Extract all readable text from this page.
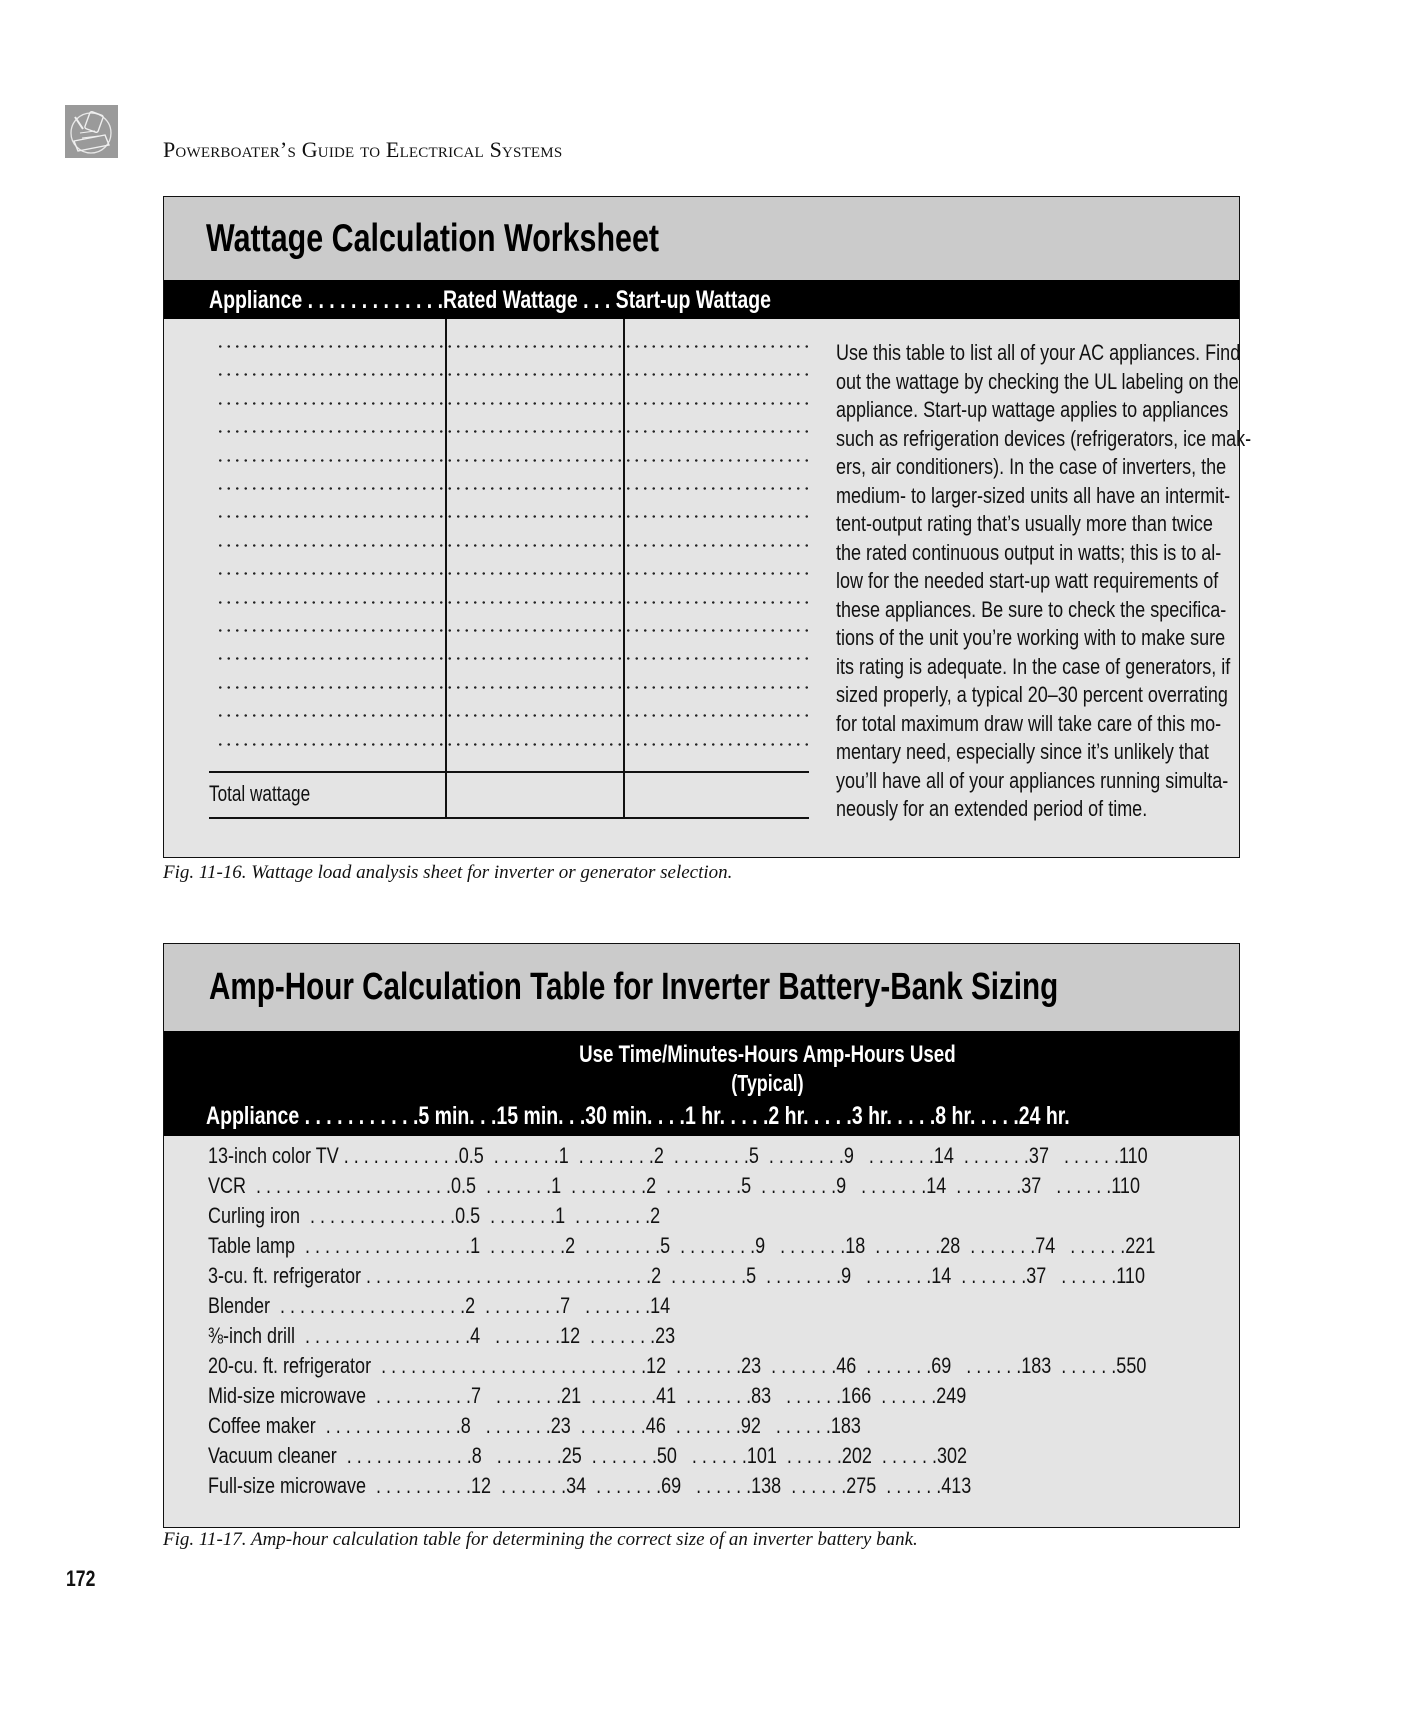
Powerboater’s Guide to Electrical Systems
Wattage Calculation Worksheet
Appliance . . . . . . . . . . . . .Rated Wattage . . . Start-up Wattage
Total wattage
Use this table to list all of your AC appliances. Find
out the wattage by checking the UL labeling on the
appliance. Start-up wattage applies to appliances
such as refrigeration devices (refrigerators, ice mak-
ers, air conditioners). In the case of inverters, the
medium- to larger-sized units all have an intermit-
tent-output rating that’s usually more than twice
the rated continuous output in watts; this is to al-
low for the needed start-up watt requirements of
these appliances. Be sure to check the specifica-
tions of the unit you’re working with to make sure
its rating is adequate. In the case of generators, if
sized properly, a typical 20–30 percent overrating
for total maximum draw will take care of this mo-
mentary need, especially since it’s unlikely that
you’ll have all of your appliances running simulta-
neously for an extended period of time.
Fig. 11-16. Wattage load analysis sheet for inverter or generator selection.
Amp-Hour Calculation Table for Inverter Battery-Bank Sizing
Use Time/Minutes-Hours Amp-Hours Used
(Typical)
Appliance . . . . . . . . . . .5 min. . .15 min. . .30 min. . . .1 hr. . . . .2 hr. . . . .3 hr. . . . .8 hr. . . . .24 hr.
13-inch color TV . . . . . . . . . . . .0.5  . . . . . . .1  . . . . . . . .2  . . . . . . . .5  . . . . . . . .9   . . . . . . .14  . . . . . . .37   . . . . . .110
VCR  . . . . . . . . . . . . . . . . . . . .0.5  . . . . . . .1  . . . . . . . .2  . . . . . . . .5  . . . . . . . .9   . . . . . . .14  . . . . . . .37   . . . . . .110
Curling iron  . . . . . . . . . . . . . . .0.5  . . . . . . .1  . . . . . . . .2
Table lamp  . . . . . . . . . . . . . . . . .1  . . . . . . . .2  . . . . . . . .5  . . . . . . . .9   . . . . . . .18  . . . . . . .28  . . . . . . .74   . . . . . .221
3-cu. ft. refrigerator . . . . . . . . . . . . . . . . . . . . . . . . . . . . .2  . . . . . . . .5  . . . . . . . .9   . . . . . . .14  . . . . . . .37   . . . . . .110
Blender  . . . . . . . . . . . . . . . . . . .2  . . . . . . . .7   . . . . . . .14
⅜-inch drill  . . . . . . . . . . . . . . . . .4   . . . . . . .12  . . . . . . .23
20-cu. ft. refrigerator  . . . . . . . . . . . . . . . . . . . . . . . . . . .12  . . . . . . .23  . . . . . . .46  . . . . . . .69   . . . . . .183  . . . . . .550
Mid-size microwave  . . . . . . . . . .7   . . . . . . .21  . . . . . . .41  . . . . . . .83   . . . . . .166  . . . . . .249
Coffee maker  . . . . . . . . . . . . . .8   . . . . . . .23  . . . . . . .46  . . . . . . .92   . . . . . .183
Vacuum cleaner  . . . . . . . . . . . . .8   . . . . . . .25  . . . . . . .50   . . . . . .101  . . . . . .202  . . . . . .302
Full-size microwave  . . . . . . . . . .12  . . . . . . .34  . . . . . . .69   . . . . . .138  . . . . . .275  . . . . . .413
Fig. 11-17. Amp-hour calculation table for determining the correct size of an inverter battery bank.
172
